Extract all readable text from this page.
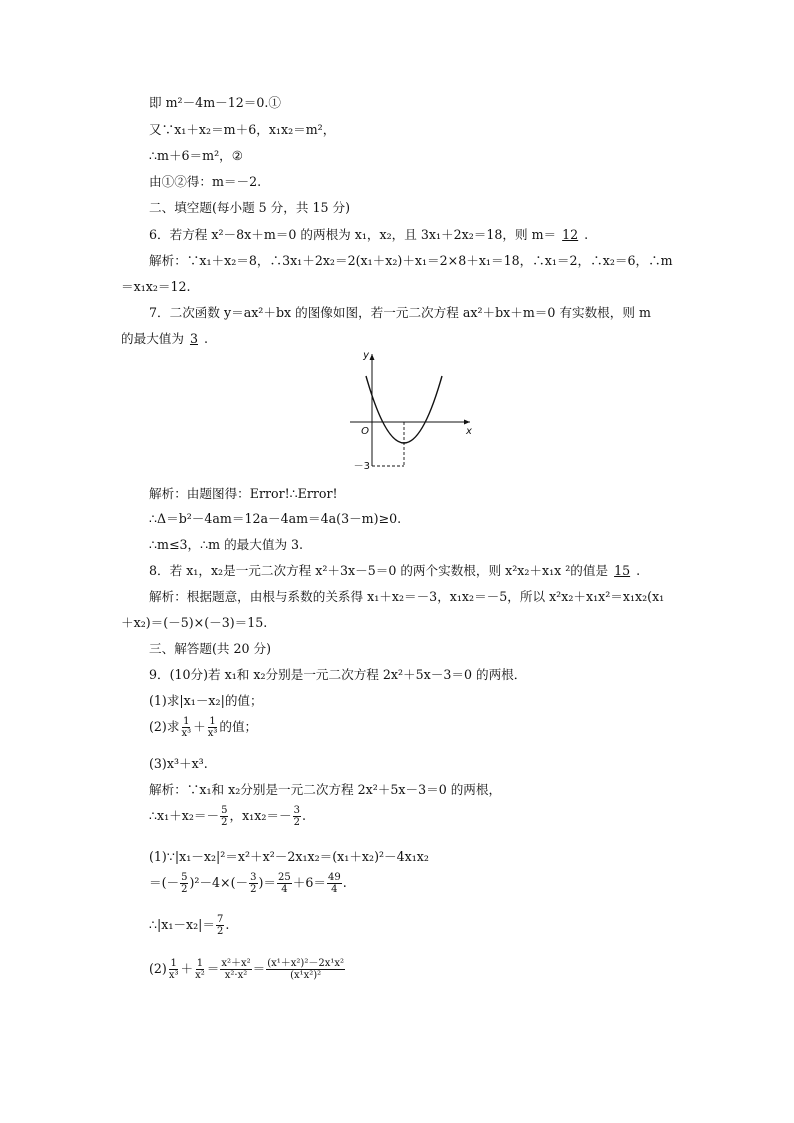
即 m²－4m－12＝0.①
又∵x₁＋x₂＝m＋6，x₁x₂＝m²，
∴m＋6＝m²，②
由①②得：m＝－2.
二、填空题(每小题 5 分，共 15 分)
6．若方程 x²－8x＋m＝0 的两根为 x₁，x₂，且 3x₁＋2x₂＝18，则 m＝ 12 .
解析：∵x₁＋x₂＝8，∴3x₁＋2x₂＝2(x₁＋x₂)＋x₁＝2×8＋x₁＝18，∴x₁＝2，∴x₂＝6，∴m
＝x₁x₂＝12.
7．二次函数 y＝ax²＋bx 的图像如图，若一元二次方程 ax²＋bx＋m＝0 有实数根，则 m
的最大值为 3 .
y
x
O
－3
解析：由题图得：Error!∴Error!
∴Δ＝b²－4am＝12a－4am＝4a(3－m)≥0.
∴m≤3，∴m 的最大值为 3.
8．若 x₁，x₂是一元二次方程 x²＋3x－5＝0 的两个实数根，则 x²x₂＋x₁x ²的值是 15 .
解析：根据题意，由根与系数的关系得 x₁＋x₂＝－3，x₁x₂＝－5，所以 x²x₂＋x₁x²＝x₁x₂(x₁
＋x₂)＝(－5)×(－3)＝15.
三、解答题(共 20 分)
9．(10分)若 x₁和 x₂分别是一元二次方程 2x²＋5x－3＝0 的两根．
(1)求|x₁－x₂|的值；
(2)求 $\frac{1}{\text{x³}} + \frac{1}{\text{x³}}$ 的值；
(3)x³＋x³.
解析：∵x₁和 x₂分别是一元二次方程 2x²＋5x－3＝0 的两根，
∴x₁＋x₂＝－ $\frac{5}{2}$ ，$x_1x_2=- \frac{3}{2}$ .
(1)∵|x₁－x₂|²＝x²＋x²－2x₁x₂＝(x₁＋x₂)²－4x₁x₂
＝(－ $\frac{5}{2} )^2-4\times(- \frac{3}{2}$ )＝ $\frac{25}{4} +6= \frac{49}{4}$ .
∴|x₁－x₂|＝ $\frac{7}{2}$ .
$(2) \frac{1}{\text{x³}} + \frac{1}{\text{x²}} = \frac{\text{x²＋x²}}{\text{x²·x²}} = \frac{\text{(x¹＋x²)²－2x¹x²}}{\text{(x¹x²)²}}$
